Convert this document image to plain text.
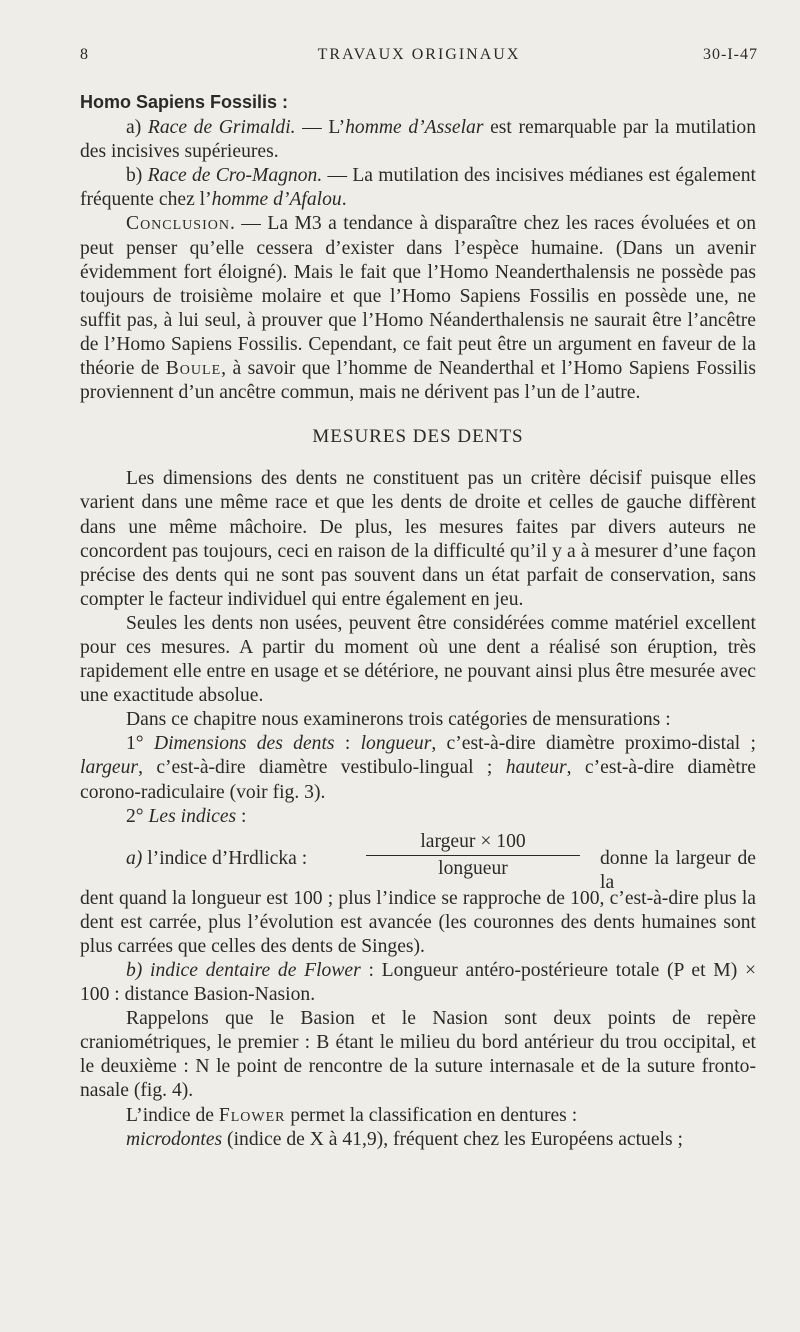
8	TRAVAUX ORIGINAUX	30-I-47

Homo Sapiens Fossilis :

a) Race de Grimaldi. — L’homme d’Asselar est remarquable par la mutilation des incisives supérieures.

b) Race de Cro-Magnon. — La mutilation des incisives médianes est également fréquente chez l’homme d’Afalou.

Conclusion. — La M3 a tendance à disparaître chez les races évoluées et on peut penser qu’elle cessera d’exister dans l’espèce humaine. (Dans un avenir évidemment fort éloigné). Mais le fait que l’Homo Neanderthalensis ne possède pas toujours de troisième molaire et que l’Homo Sapiens Fossilis en possède une, ne suffit pas, à lui seul, à prouver que l’Homo Néanderthalensis ne saurait être l’ancêtre de l’Homo Sapiens Fossilis. Cependant, ce fait peut être un argument en faveur de la théorie de Boule, à savoir que l’homme de Neanderthal et l’Homo Sapiens Fossilis proviennent d’un ancêtre commun, mais ne dérivent pas l’un de l’autre.

MESURES DES DENTS

Les dimensions des dents ne constituent pas un critère décisif puisque elles varient dans une même race et que les dents de droite et celles de gauche diffèrent dans une même mâchoire. De plus, les mesures faites par divers auteurs ne concordent pas toujours, ceci en raison de la difficulté qu’il y a à mesurer d’une façon précise des dents qui ne sont pas souvent dans un état parfait de conservation, sans compter le facteur individuel qui entre également en jeu.

Seules les dents non usées, peuvent être considérées comme matériel excellent pour ces mesures. A partir du moment où une dent a réalisé son éruption, très rapidement elle entre en usage et se détériore, ne pouvant ainsi plus être mesurée avec une exactitude absolue.

Dans ce chapitre nous examinerons trois catégories de mensurations :

1° Dimensions des dents : longueur, c’est-à-dire diamètre proximo-distal ; largeur, c’est-à-dire diamètre vestibulo-lingual ; hauteur, c’est-à-dire diamètre corono-radiculaire (voir fig. 3).

2° Les indices :

a) l’indice d’Hrdlicka :
largeur × 100
longueur	donne la largeur de la

dent quand la longueur est 100 ; plus l’indice se rapproche de 100, c’est-à-dire plus la dent est carrée, plus l’évolution est avancée (les couronnes des dents humaines sont plus carrées que celles des dents de Singes).

b) indice dentaire de Flower : Longueur antéro-postérieure totale (P et M) × 100 : distance Basion-Nasion.

Rappelons que le Basion et le Nasion sont deux points de repère craniométriques, le premier : B étant le milieu du bord antérieur du trou occipital, et le deuxième : N le point de rencontre de la suture internasale et de la suture fronto-nasale (fig. 4).

L’indice de Flower permet la classification en dentures :

microdontes (indice de X à 41,9), fréquent chez les Européens actuels ;
